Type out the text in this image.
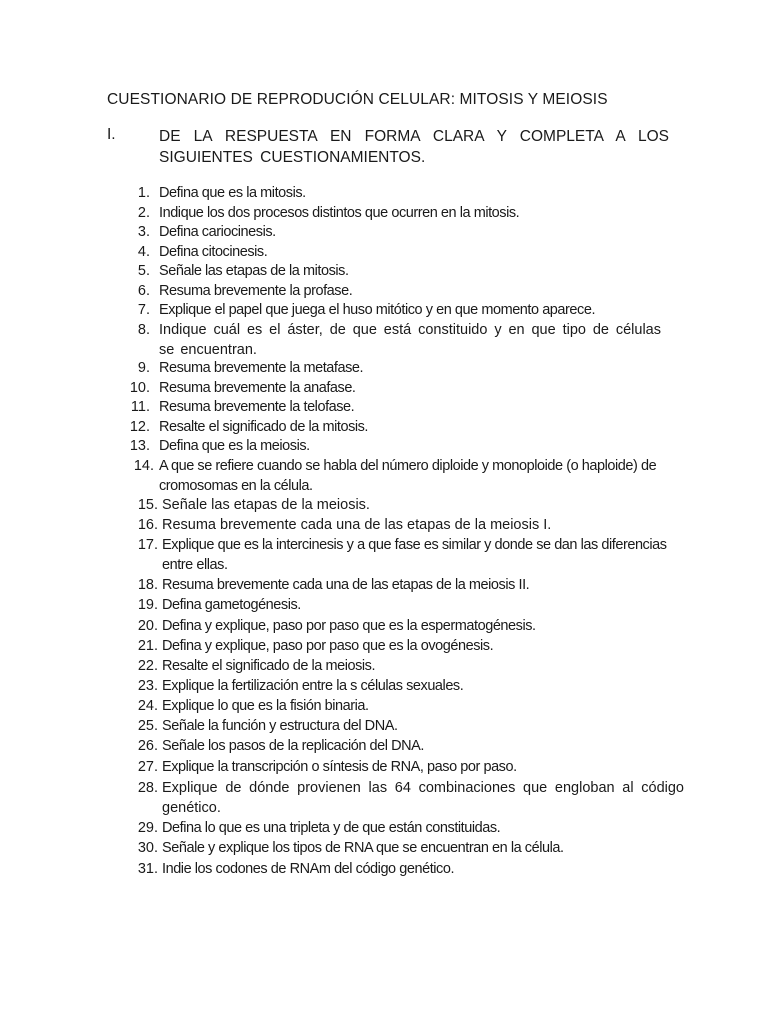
CUESTIONARIO DE REPRODUCIÓN CELULAR: MITOSIS Y MEIOSIS
I.	DE LA RESPUESTA EN FORMA CLARA Y COMPLETA A LOS SIGUIENTES CUESTIONAMIENTOS.
1. Defina que es la mitosis.
2. Indique los dos procesos distintos que ocurren en la mitosis.
3. Defina cariocinesis.
4. Defina citocinesis.
5. Señale las etapas de la mitosis.
6. Resuma brevemente la profase.
7. Explique el papel que juega el huso mitótico y en que momento aparece.
8. Indique cuál es el áster, de que está constituido y en que tipo de células se encuentran.
9. Resuma brevemente la metafase.
10. Resuma brevemente la anafase.
11. Resuma brevemente la telofase.
12. Resalte el significado de la mitosis.
13. Defina que es la meiosis.
14. A que se refiere cuando se habla del número diploide y monoploide (o haploide) de cromosomas en la célula.
15. Señale las etapas de la meiosis.
16. Resuma brevemente cada una de las etapas de la meiosis I.
17. Explique que es la intercinesis y a que fase es similar y donde se dan las diferencias entre ellas.
18. Resuma brevemente cada una de las etapas de la meiosis II.
19. Defina gametogénesis.
20. Defina y explique, paso por paso que es la espermatogénesis.
21. Defina y explique, paso por paso que es la ovogénesis.
22. Resalte el significado de la meiosis.
23. Explique la fertilización entre la s células sexuales.
24. Explique lo que es la fisión binaria.
25. Señale la función y estructura del DNA.
26. Señale los pasos de la replicación del DNA.
27. Explique la transcripción o síntesis de RNA, paso por paso.
28. Explique de dónde provienen las 64 combinaciones que engloban al código genético.
29. Defina lo que es una tripleta y de que están constituidas.
30. Señale y explique los tipos de RNA que se encuentran en la célula.
31. Indie los codones de RNAm del código genético.
